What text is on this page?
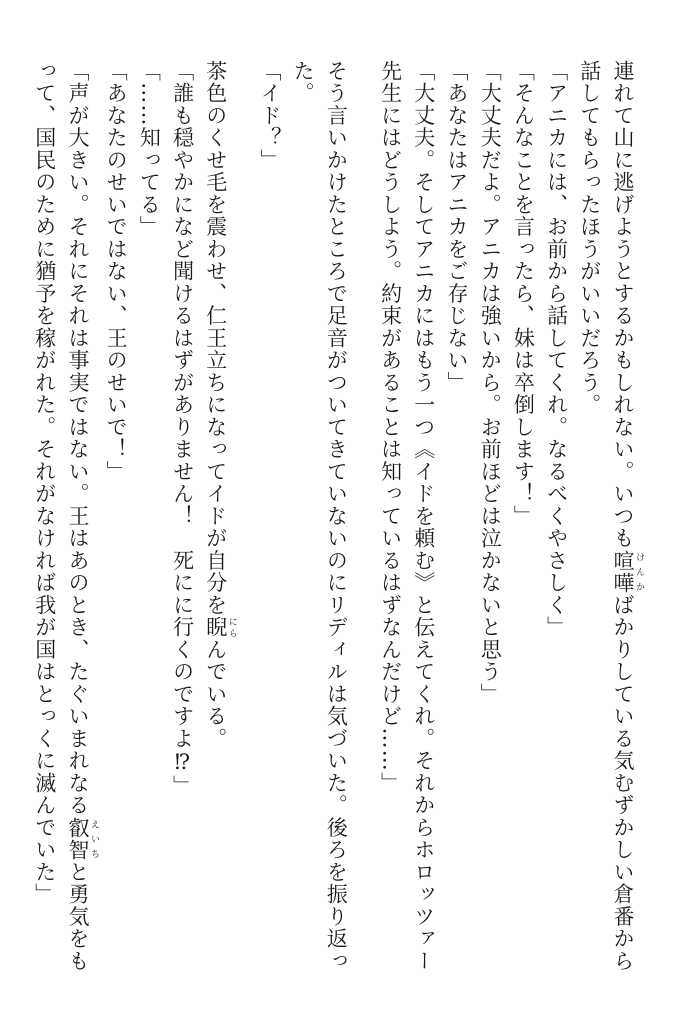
連れて山に逃げようとするかもしれない。いつも喧嘩 けんかばかりしている気むずかしい倉番から話してもらったほうがいいだろう。

「アニカには、お前から話してくれ。なるべくやさしく」

「そんなことを言ったら、妹は卒倒します！」

「大丈夫だよ。アニカは強いから。お前ほどは泣かないと思う」

「あなたはアニカをご存じない」

「大丈夫。そしてアニカにはもう一つ《イドを頼む》と伝えてくれ。それからホロッツァー先生にはどうしよう。約束があることは知っているはずなんだけど……」

そう言いかけたところで足音がついてきていないのにリディルは気づいた。後ろを振り返った。

「イド？」

茶色のくせ毛を震わせ、仁王立ちになってイドが自分を睨 にらんでいる。

「誰も穏やかになど聞けるはずがありません！　死にに行くのですよ⁉」

「……知ってる」

「あなたのせいではない、王のせいで！」

「声が大きい。それにそれは事実ではない。王はあのとき、たぐいまれなる叡智 えいちと勇気をもって、国民のために猶予を稼がれた。それがなければ我が国はとっくに滅んでいた」
